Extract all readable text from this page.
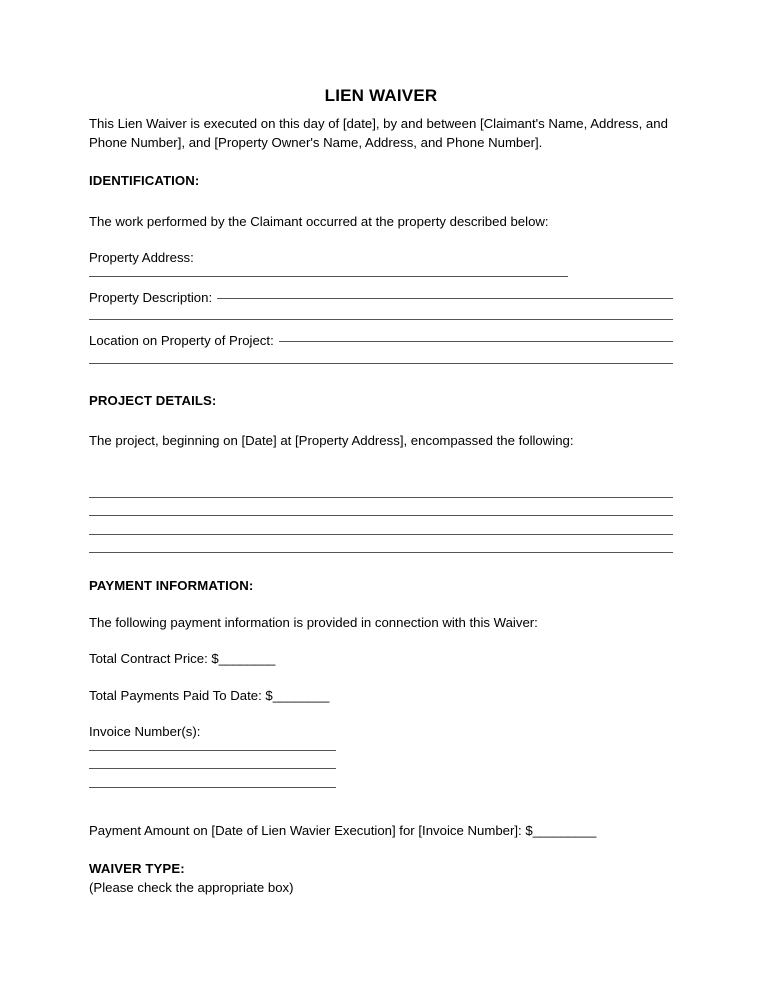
LIEN WAIVER

This Lien Waiver is executed on this day of [date], by and between [Claimant's Name, Address, and Phone Number], and [Property Owner's Name, Address, and Phone Number].

IDENTIFICATION:

The work performed by the Claimant occurred at the property described below:

Property Address:

Property Description:
Location on Property of Project:
PROJECT DETAILS:

The project, beginning on [Date] at [Property Address], encompassed the following:

PAYMENT INFORMATION:

The following payment information is provided in connection with this Waiver:

Total Contract Price: $________

Total Payments Paid To Date: $________

Invoice Number(s):

Payment Amount on [Date of Lien Wavier Execution] for [Invoice Number]: $_________

WAIVER TYPE:

(Please check the appropriate box)
